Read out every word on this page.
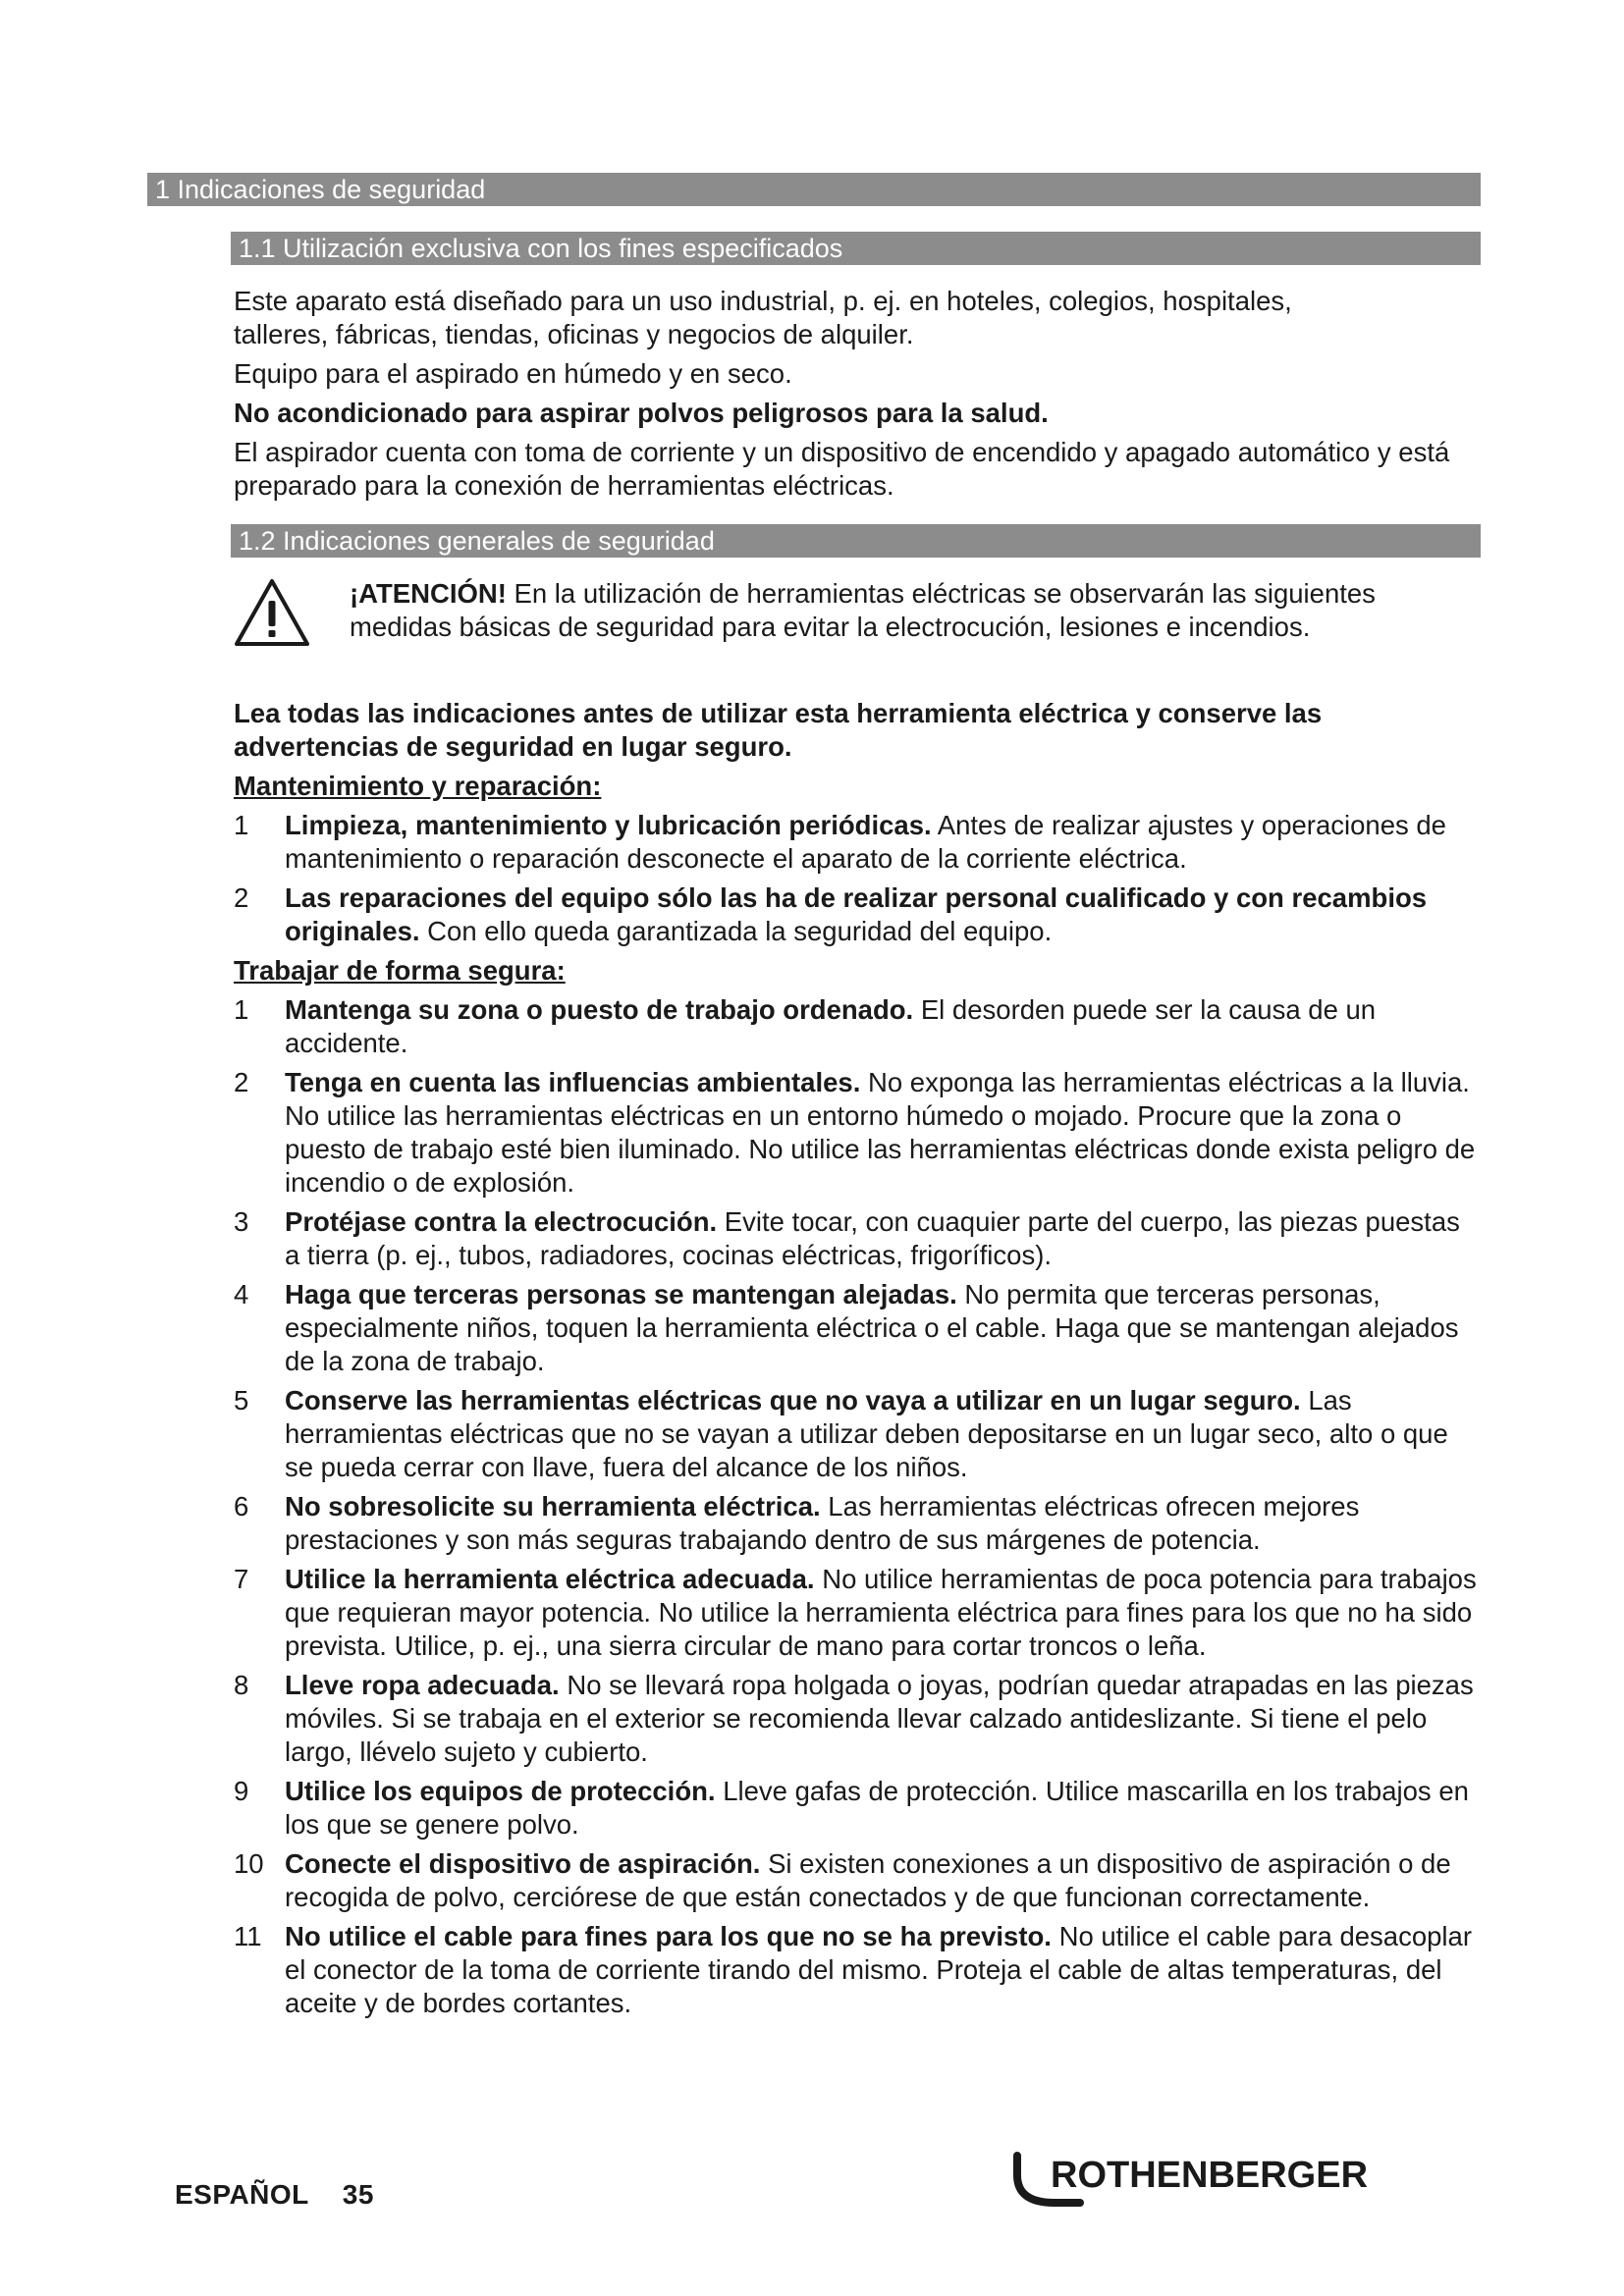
1 Indicaciones de seguridad
1.1 Utilización exclusiva con los fines especificados

Este aparato está diseñado para un uso industrial, p. ej. en hoteles, colegios, hospitales, talleres, fábricas, tiendas, oficinas y negocios de alquiler.

Equipo para el aspirado en húmedo y en seco.

No acondicionado para aspirar polvos peligrosos para la salud.

El aspirador cuenta con toma de corriente y un dispositivo de encendido y apagado automático y está preparado para la conexión de herramientas eléctricas.

1.2 Indicaciones generales de seguridad
¡ATENCIÓN! En la utilización de herramientas eléctricas se observarán las siguientes medidas básicas de seguridad para evitar la electrocución, lesiones e incendios.

Lea todas las indicaciones antes de utilizar esta herramienta eléctrica y conserve las advertencias de seguridad en lugar seguro.

Mantenimiento y reparación:

1 Limpieza, mantenimiento y lubricación periódicas. Antes de realizar ajustes y operaciones de mantenimiento o reparación desconecte el aparato de la corriente eléctrica.
2 Las reparaciones del equipo sólo las ha de realizar personal cualificado y con recambios originales. Con ello queda garantizada la seguridad del equipo.

Trabajar de forma segura:

1 Mantenga su zona o puesto de trabajo ordenado. El desorden puede ser la causa de un accidente.
2 Tenga en cuenta las influencias ambientales. No exponga las herramientas eléctricas a la lluvia. No utilice las herramientas eléctricas en un entorno húmedo o mojado. Procure que la zona o puesto de trabajo esté bien iluminado. No utilice las herramientas eléctricas donde exista peligro de incendio o de explosión.
3 Protéjase contra la electrocución. Evite tocar, con cuaquier parte del cuerpo, las piezas puestas a tierra (p. ej., tubos, radiadores, cocinas eléctricas, frigoríficos).
4 Haga que terceras personas se mantengan alejadas. No permita que terceras personas, especialmente niños, toquen la herramienta eléctrica o el cable. Haga que se mantengan alejados de la zona de trabajo.
5 Conserve las herramientas eléctricas que no vaya a utilizar en un lugar seguro. Las herramientas eléctricas que no se vayan a utilizar deben depositarse en un lugar seco, alto o que se pueda cerrar con llave, fuera del alcance de los niños.
6 No sobresolicite su herramienta eléctrica. Las herramientas eléctricas ofrecen mejores prestaciones y son más seguras trabajando dentro de sus márgenes de potencia.
7 Utilice la herramienta eléctrica adecuada. No utilice herramientas de poca potencia para trabajos que requieran mayor potencia. No utilice la herramienta eléctrica para fines para los que no ha sido prevista. Utilice, p. ej., una sierra circular de mano para cortar troncos o leña.
8 Lleve ropa adecuada. No se llevará ropa holgada o joyas, podrían quedar atrapadas en las piezas móviles. Si se trabaja en el exterior se recomienda llevar calzado antideslizante. Si tiene el pelo largo, llévelo sujeto y cubierto.
9 Utilice los equipos de protección. Lleve gafas de protección. Utilice mascarilla en los trabajos en los que se genere polvo.
10 Conecte el dispositivo de aspiración. Si existen conexiones a un dispositivo de aspiración o de recogida de polvo, cerciórese de que están conectados y de que funcionan correctamente.
11 No utilice el cable para fines para los que no se ha previsto. No utilice el cable para desacoplar el conector de la toma de corriente tirando del mismo. Proteja el cable de altas temperaturas, del aceite y de bordes cortantes.
ESPAÑOL 35	ROTHENBERGER
